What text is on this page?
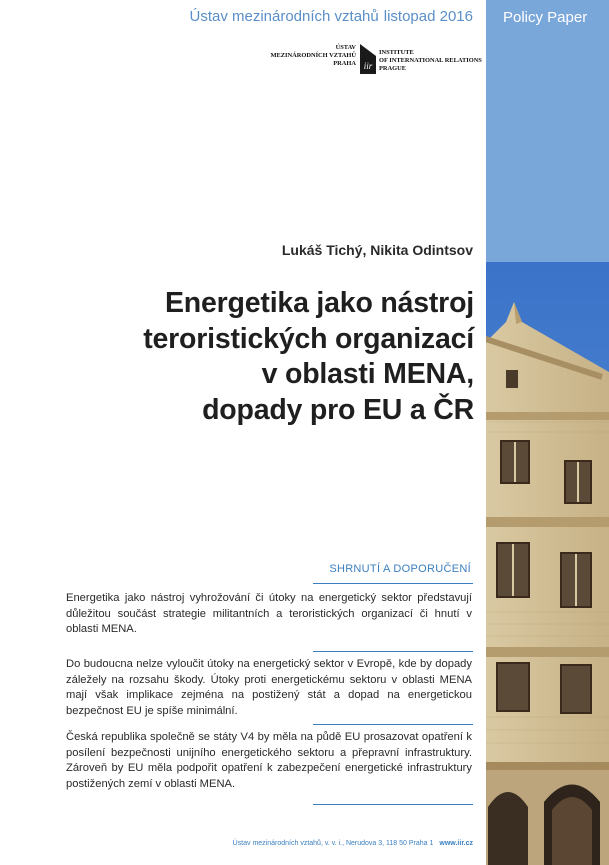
Ústav mezinárodních vztahů listopad 2016 Policy Paper
ÚSTAV
MEZINÁRODNÍCH VZTAHŮ
PRAHA iir
INSTITUTE
OF INTERNATIONAL RELATIONS
PRAGUE
Lukáš Tichý, Nikita Odintsov
Energetika jako nástroj
teroristických organizací
v oblasti MENA,
dopady pro EU a ČR
SHRNUTÍ A DOPORUČENÍ
Energetika jako nástroj vyhrožování či útoky na energetický sektor představují důležitou součást strategie militantních a teroristických organizací či hnutí v oblasti MENA.
Do budoucna nelze vyloučit útoky na energetický sektor v Evropě, kde by dopady záležely na rozsahu škody. Útoky proti energetickému sektoru v oblasti MENA mají však implikace zejména na postižený stát a dopad na energetickou bezpečnost EU je spíše minimální.
Česká republika společně se státy V4 by měla na půdě EU prosazovat opatření k posílení bezpečnosti unijního energetického sektoru a přepravní infrastruktury. Zároveň by EU měla podpořit opatření k zabezpečení energetické infrastruktury postižených zemí v oblasti MENA.
Ústav mezinárodních vztahů, v. v. i., Nerudova 3, 118 50 Praha 1 www.iir.cz
